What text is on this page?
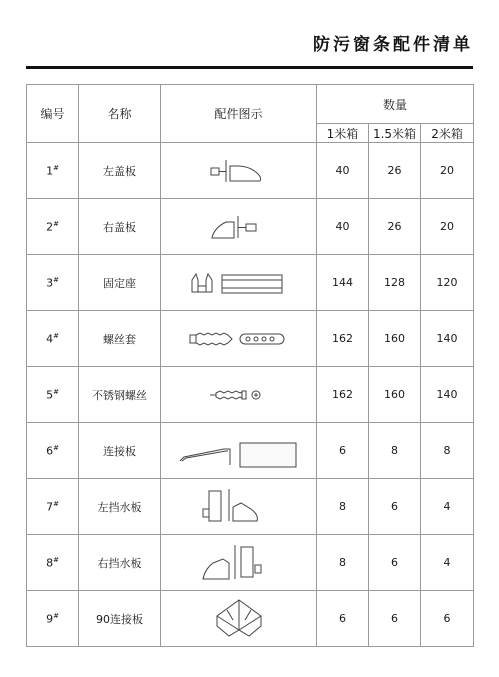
防污窗条配件清单
编号	名称	配件图示	数量		
			1米箱	1.5米箱	2米箱
1#	左盖板		40	26	20
2#	右盖板		40	26	20
3#	固定座		144	128	120
4#	螺丝套		162	160	140
5#	不锈钢螺丝		162	160	140
6#	连接板		6	8	8
7#	左挡水板		8	6	4
8#	右挡水板		8	6	4
9#	90连接板		6	6	6
